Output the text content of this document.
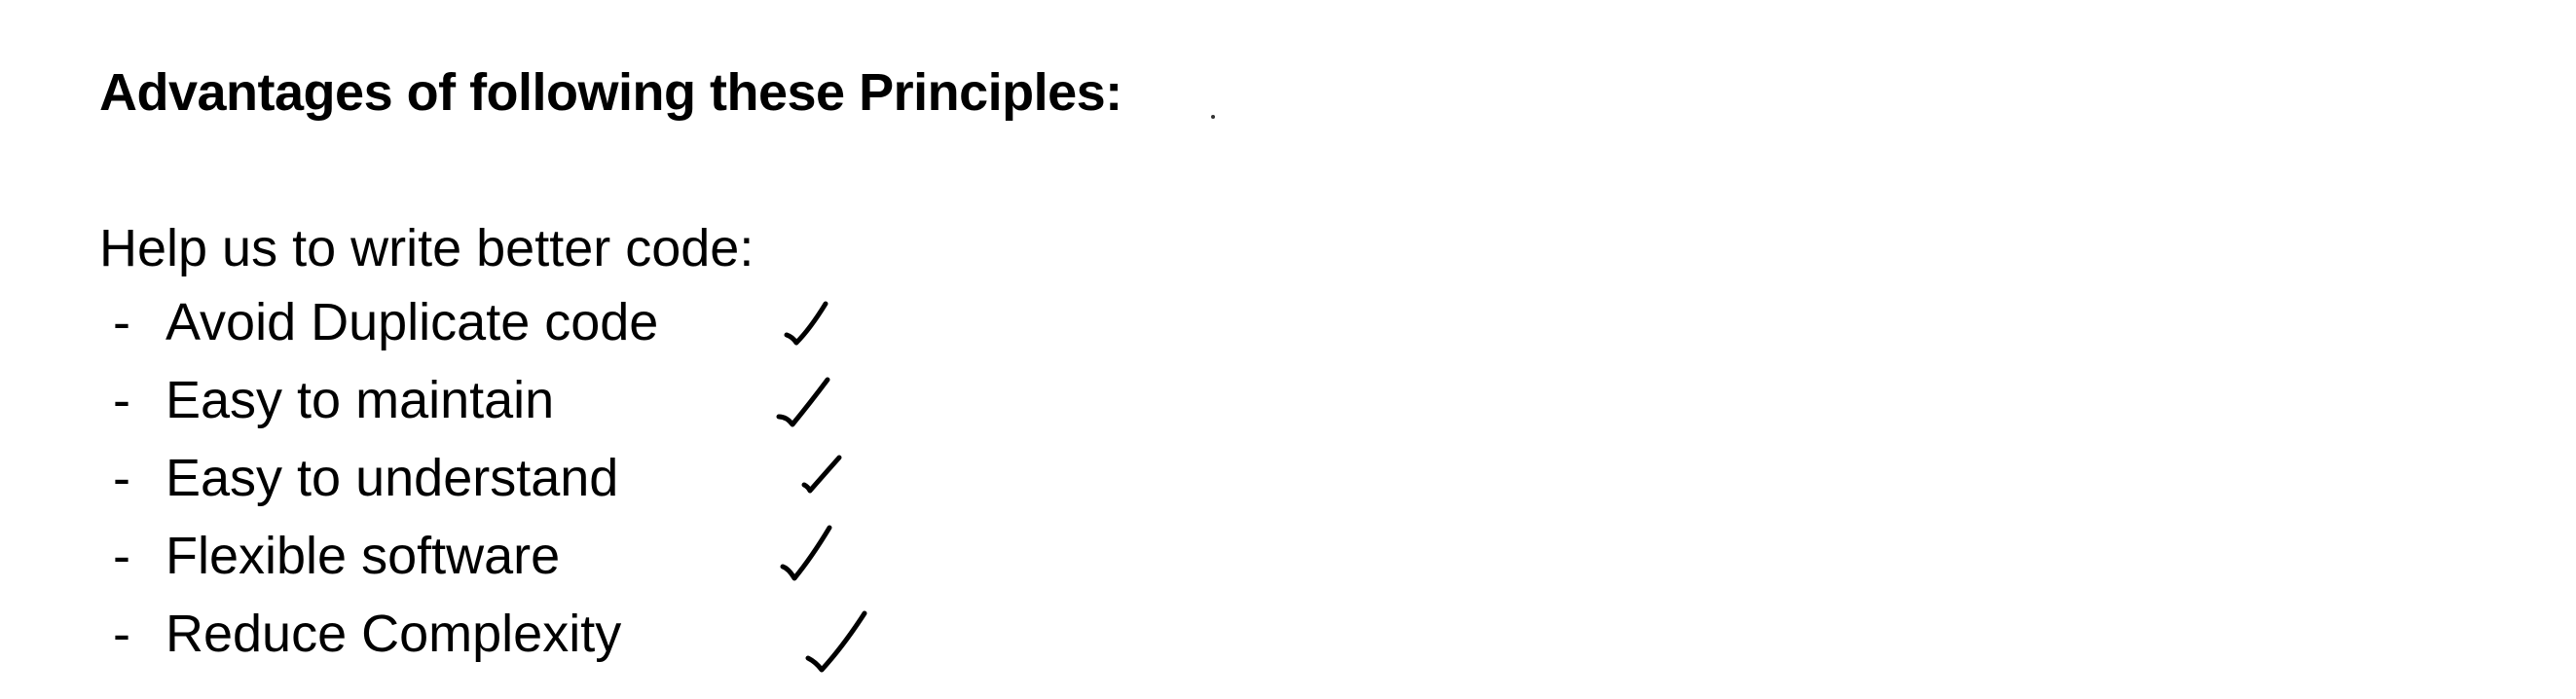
Advantages of following these Principles:
Help us to write better code:
- Avoid Duplicate code
- Easy to maintain
- Easy to understand
- Flexible software
- Reduce Complexity
